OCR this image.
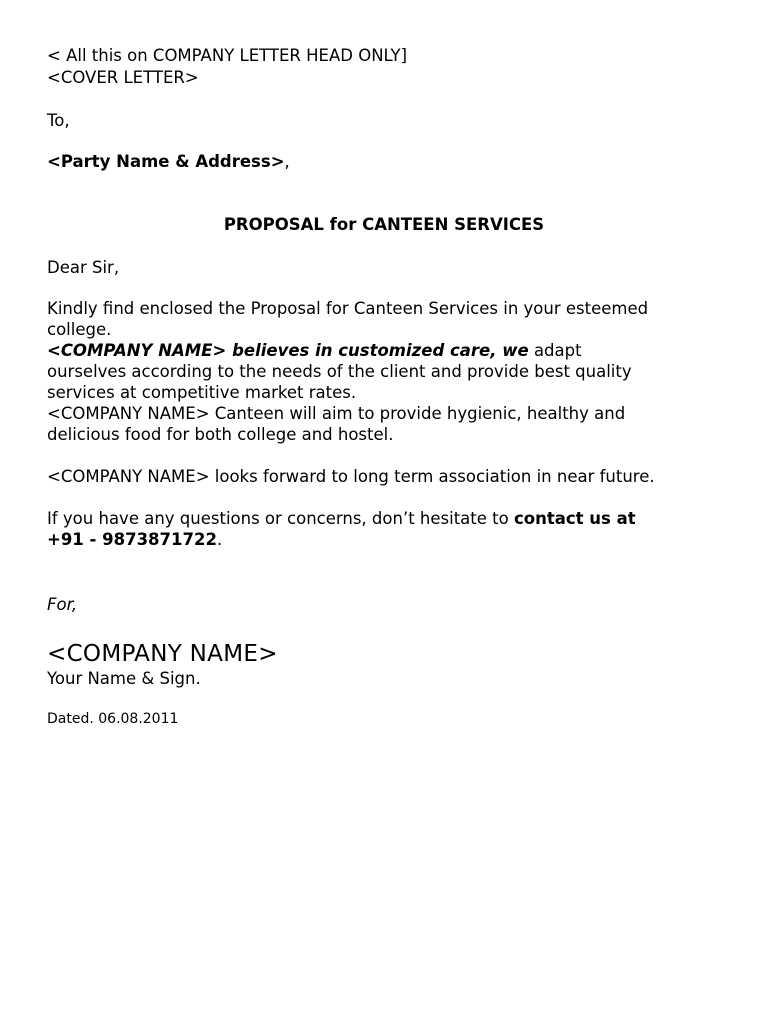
< All this on COMPANY LETTER HEAD ONLY]
<COVER LETTER>
To,
<Party Name & Address>,
PROPOSAL for CANTEEN SERVICES
Dear Sir,
Kindly find enclosed the Proposal for Canteen Services in your esteemed
college.
<COMPANY NAME> believes in customized care, we adapt
ourselves according to the needs of the client and provide best quality
services at competitive market rates.
<COMPANY NAME> Canteen will aim to provide hygienic, healthy and
delicious food for both college and hostel.
<COMPANY NAME> looks forward to long term association in near future.
If you have any questions or concerns, don’t hesitate to contact us at
+91 - 9873871722.
For,
<COMPANY NAME>
Your Name & Sign.
Dated. 06.08.2011
